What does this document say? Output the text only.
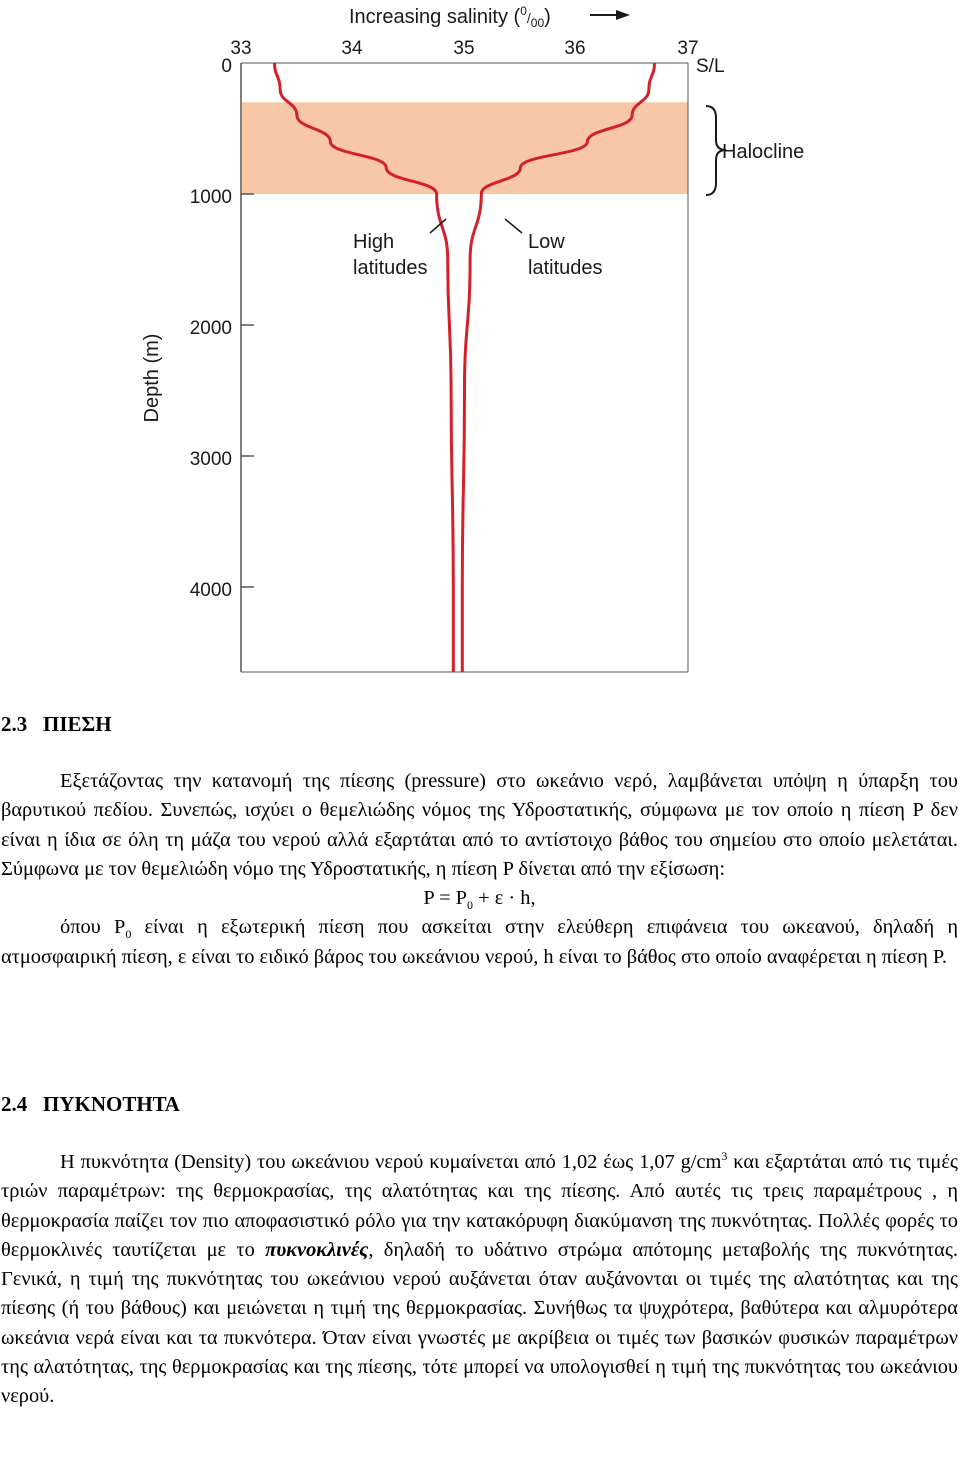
Increasing salinity ($^0_{/00}$)
33	34	35	36	37
S/L
0
1000
2000
3000
4000
Depth (m)
Halocline
High
latitudes
Low
latitudes
2.3   ΠΙΕΣΗ
Εξετάζοντας την κατανομή της πίεσης (pressure) στο ωκεάνιο νερό, λαμβάνεται υπόψη η ύπαρξη του βαρυτικού πεδίου. Συνεπώς, ισχύει ο θεμελιώδης νόμος της Υδροστατικής, σύμφωνα με τον οποίο η πίεση P δεν είναι η ίδια σε όλη τη μάζα του νερού αλλά εξαρτάται από το αντίστοιχο βάθος του σημείου στο οποίο μελετάται. Σύμφωνα με τον θεμελιώδη νόμο της Υδροστατικής, η πίεση P δίνεται από την εξίσωση:
$P = P_0 + \varepsilon \cdot h$,
όπου $P_0$ είναι η εξωτερική πίεση που ασκείται στην ελεύθερη επιφάνεια του ωκεανού, δηλαδή η ατμοσφαιρική πίεση, ε είναι το ειδικό βάρος του ωκεάνιου νερού, h είναι το βάθος στο οποίο αναφέρεται η πίεση P.
2.4   ΠΥΚΝΟΤΗΤΑ
Η πυκνότητα (Density) του ωκεάνιου νερού κυμαίνεται από 1,02 έως 1,07 $g/cm^3$ και εξαρτάται από τις τιμές τριών παραμέτρων: της θερμοκρασίας, της αλατότητας και της πίεσης. Από αυτές τις τρεις παραμέτρους , η θερμοκρασία παίζει τον πιο αποφασιστικό ρόλο για την κατακόρυφη διακύμανση της πυκνότητας. Πολλές φορές το θερμοκλινές ταυτίζεται με το πυκνοκλινές, δηλαδή το υδάτινο στρώμα απότομης μεταβολής της πυκνότητας. Γενικά, η τιμή της πυκνότητας του ωκεάνιου νερού αυξάνεται όταν αυξάνονται οι τιμές της αλατότητας και της πίεσης (ή του βάθους) και μειώνεται η τιμή της θερμοκρασίας. Συνήθως τα ψυχρότερα, βαθύτερα και αλμυρότερα ωκεάνια νερά είναι και τα πυκνότερα. Όταν είναι γνωστές με ακρίβεια οι τιμές των βασικών φυσικών παραμέτρων της αλατότητας, της θερμοκρασίας και της πίεσης, τότε μπορεί να υπολογισθεί η τιμή της πυκνότητας του ωκεάνιου νερού.
